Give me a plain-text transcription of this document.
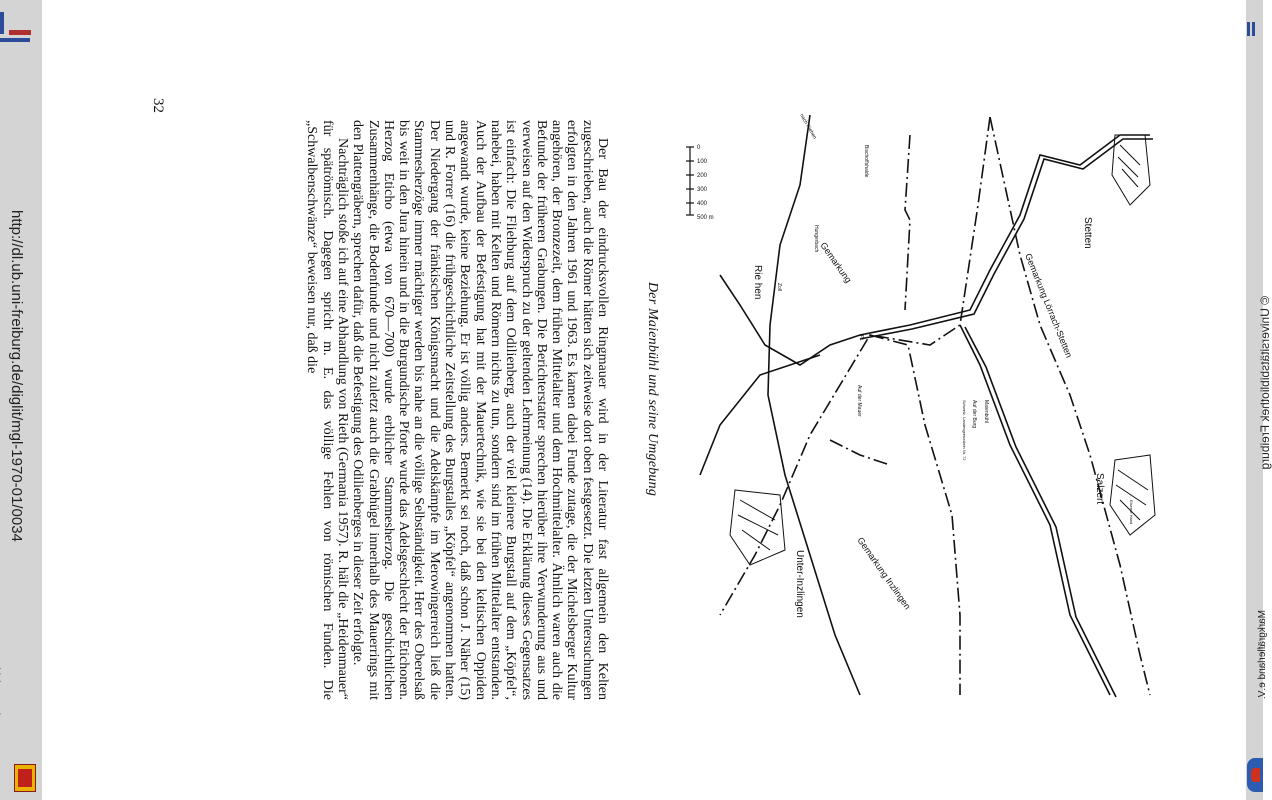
http://dl.ub.uni-freiburg.de/diglit/mgl-1970-01/0034	© Universitätsbibliothek Freiburg
Markgräflerland e.V.
32
Der Maienbühl und seine Umgebung

Der Bau der eindrucksvollen Ringmauer wird in der Literatur fast allgemein den Kelten zugeschrieben, auch die Römer hätten sich zeitweise dort oben festgesetzt. Die letzten Untersuchungen erfolgten in den Jahren 1961 und 1963. Es kamen dabei Funde zutage, die der Michelsberger Kultur angehören, der Bronzezeit, dem frühen Mittelalter und dem Hochmittelalter. Ähnlich waren auch die Befunde der früheren Grabungen. Die Berichterstatter sprechen hierüber ihre Verwunderung aus und verweisen auf den Widerspruch zu der geltenden Lehrmeinung (14). Die Erklärung dieses Gegensatzes ist einfach: Die Fliehburg auf dem Odilienberg, auch der viel kleinere Burgstall auf dem „Köpfel“, nahebei, haben mit Kelten und Römern nichts zu tun, sondern sind im frühen Mittelalter entstanden. Auch der Aufbau der Befestigung hat mit der Mauertechnik, wie sie bei den keltischen Oppiden angewandt wurde, keine Beziehung. Er ist völlig anders. Bemerkt sei noch, daß schon J. Näher (15) und R. Forrer (16) die frühgeschichtliche Zeitstellung des Burgstalles „Köpfel“ angenommen hatten. Der Niedergang der fränkischen Königsmacht und die Adelskämpfe im Merowingerreich ließ die Stammesherzöge immer mächtiger werden bis nahe an die völlige Selbständigkeit. Herr des Oberelsaß bis weit in den Jura hinein und in die Burgundische Pforte wurde das Adelsgeschlecht der Etichonen. Herzog Eticho (etwa von 670—700) wurde erblicher Stammesherzog. Die geschichtlichen Zusammenhänge, die Bodenfunde und nicht zuletzt auch die Grabhügel innerhalb des Mauerrings mit den Plattengräbern, sprechen dafür, daß die Befestigung des Odilienberges in dieser Zeit erfolgte.

Nachträglich stoße ich auf eine Abhandlung von Rieth (Germania 1957). R. hält die „Heidenmauer“ für spätrömisch. Dagegen spricht m. E. das völlige Fehlen von römischen Funden. Die „Schwalbenschwänze“ beweisen nur, daß die	0
100
200
300
400
500 m	Stetten
Salzert
Unter-Inzlingen
Gemarkung Lörrach-Stetten
Gemarkung Inzlingen
Gemarkung
Rie hen
nach Riehen
Bischoffshalde
Hungerbach
Auf der Mauer	Maienbühl
Auf der Burg
Schweiz. Landesgrenzstein Nr. 72
Eiserne Hand
Zoll
Pt.
